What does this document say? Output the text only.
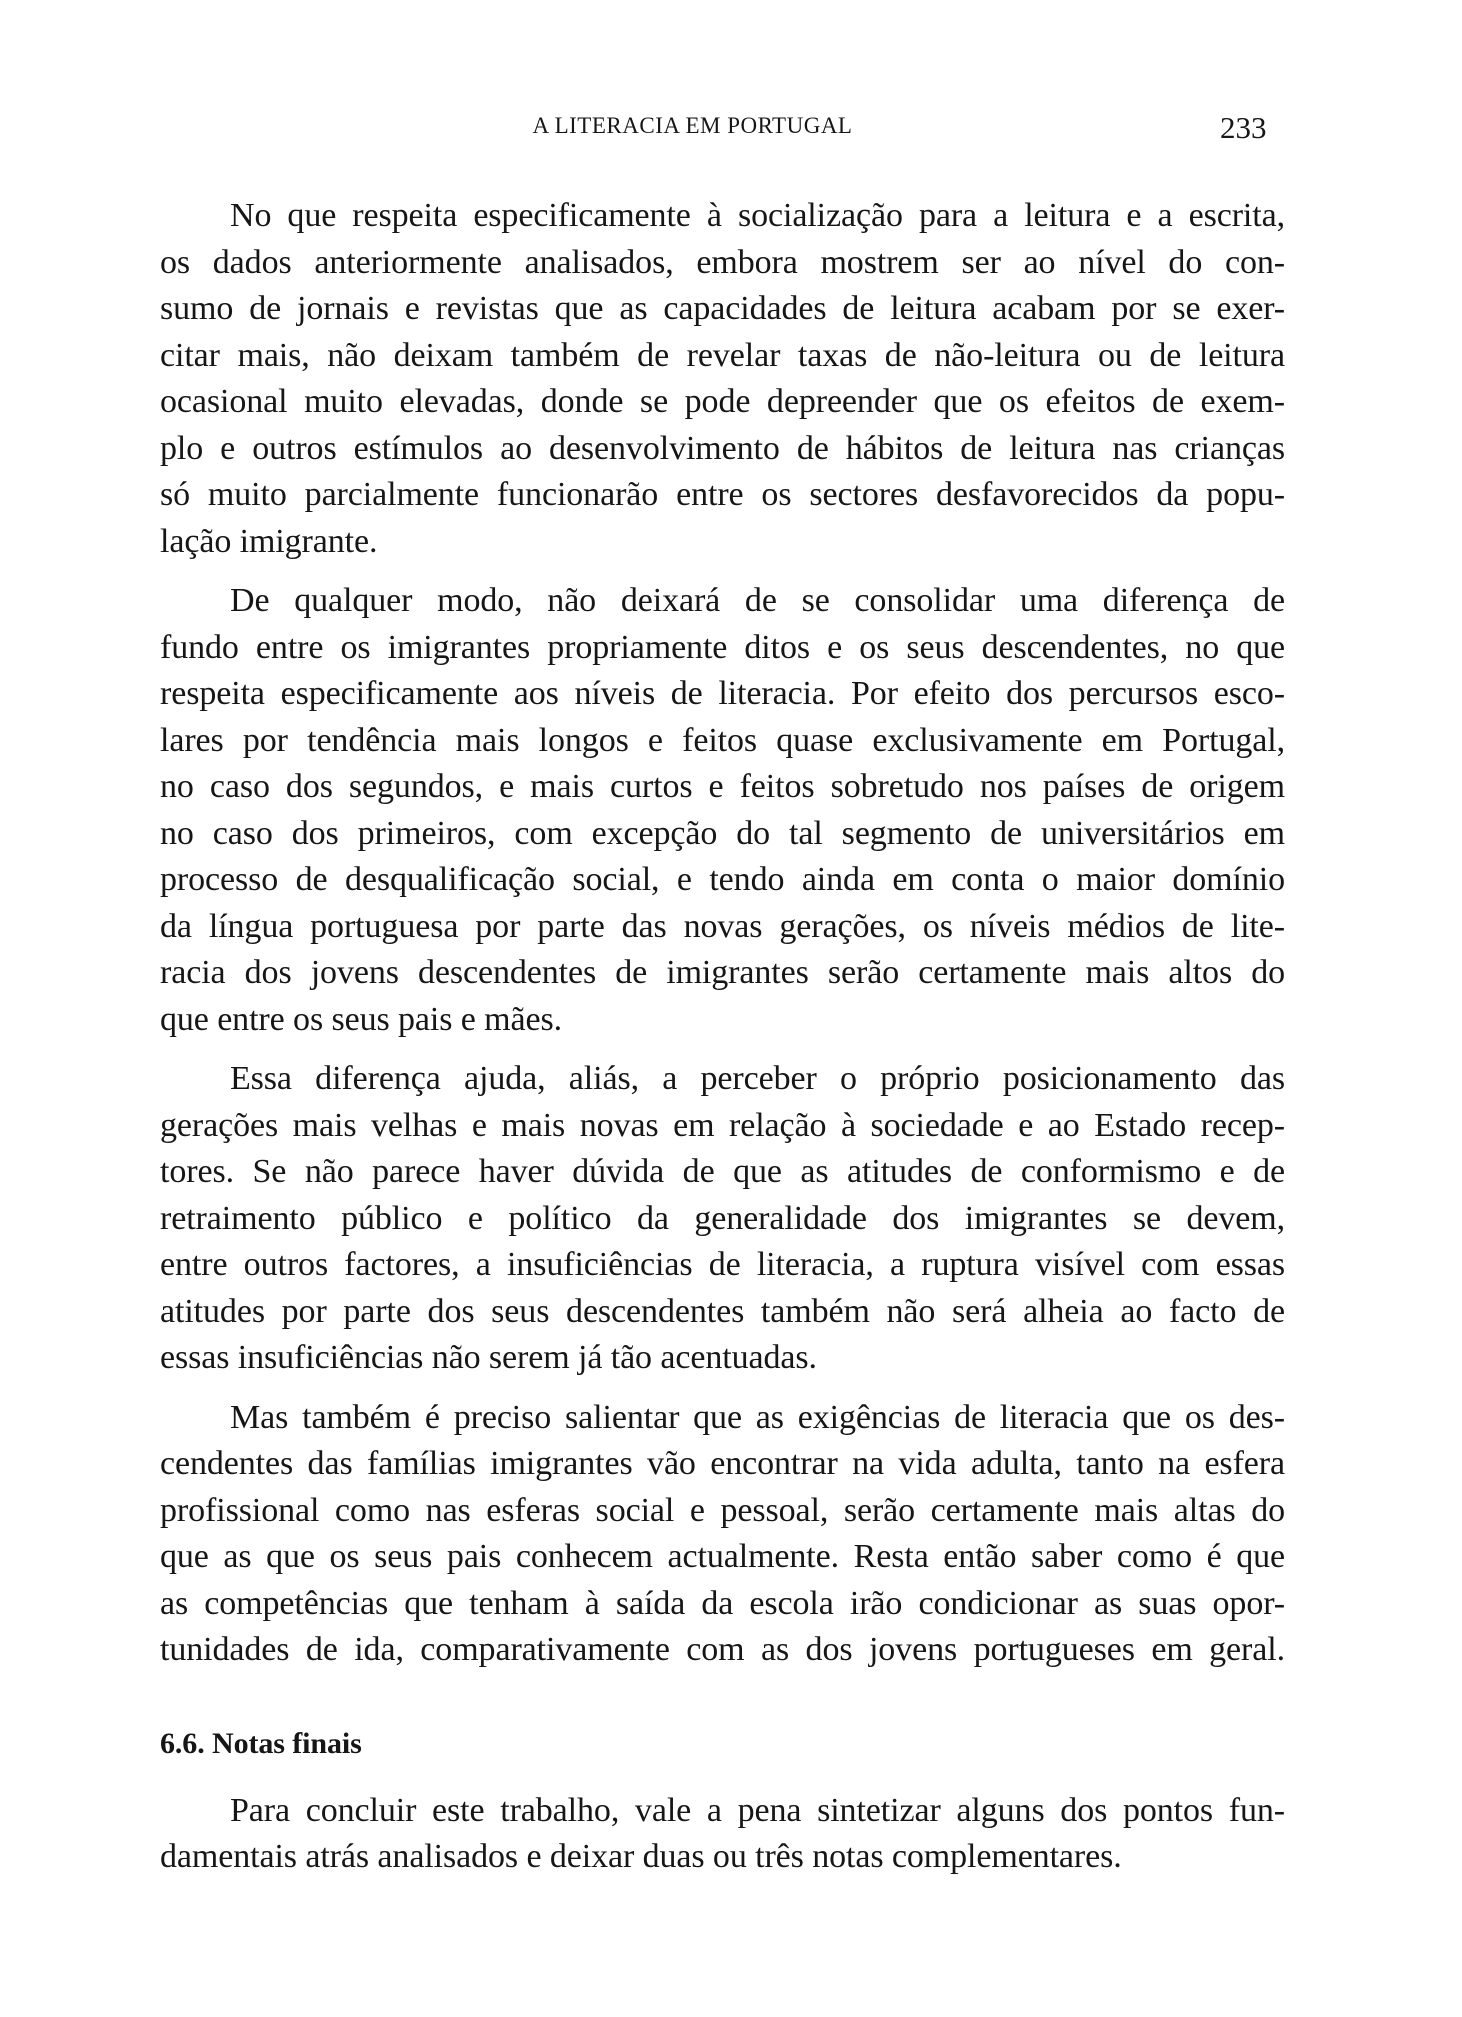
A LITERACIA EM PORTUGAL	233
No que respeita especificamente à socialização para a leitura e a escrita,
os dados anteriormente analisados, embora mostrem ser ao nível do con-
sumo de jornais e revistas que as capacidades de leitura acabam por se exer-
citar mais, não deixam também de revelar taxas de não-leitura ou de leitura
ocasional muito elevadas, donde se pode depreender que os efeitos de exem-
plo e outros estímulos ao desenvolvimento de hábitos de leitura nas crianças
só muito parcialmente funcionarão entre os sectores desfavorecidos da popu-
lação imigrante.
De qualquer modo, não deixará de se consolidar uma diferença de
fundo entre os imigrantes propriamente ditos e os seus descendentes, no que
respeita especificamente aos níveis de literacia. Por efeito dos percursos esco-
lares por tendência mais longos e feitos quase exclusivamente em Portugal,
no caso dos segundos, e mais curtos e feitos sobretudo nos países de origem
no caso dos primeiros, com excepção do tal segmento de universitários em
processo de desqualificação social, e tendo ainda em conta o maior domínio
da língua portuguesa por parte das novas gerações, os níveis médios de lite-
racia dos jovens descendentes de imigrantes serão certamente mais altos do
que entre os seus pais e mães.
Essa diferença ajuda, aliás, a perceber o próprio posicionamento das
gerações mais velhas e mais novas em relação à sociedade e ao Estado recep-
tores. Se não parece haver dúvida de que as atitudes de conformismo e de
retraimento público e político da generalidade dos imigrantes se devem,
entre outros factores, a insuficiências de literacia, a ruptura visível com essas
atitudes por parte dos seus descendentes também não será alheia ao facto de
essas insuficiências não serem já tão acentuadas.
Mas também é preciso salientar que as exigências de literacia que os des-
cendentes das famílias imigrantes vão encontrar na vida adulta, tanto na esfera
profissional como nas esferas social e pessoal, serão certamente mais altas do
que as que os seus pais conhecem actualmente. Resta então saber como é que
as competências que tenham à saída da escola irão condicionar as suas opor-
tunidades de ida, comparativamente com as dos jovens portugueses em geral.
6.6. Notas finais
Para concluir este trabalho, vale a pena sintetizar alguns dos pontos fun-
damentais atrás analisados e deixar duas ou três notas complementares.
